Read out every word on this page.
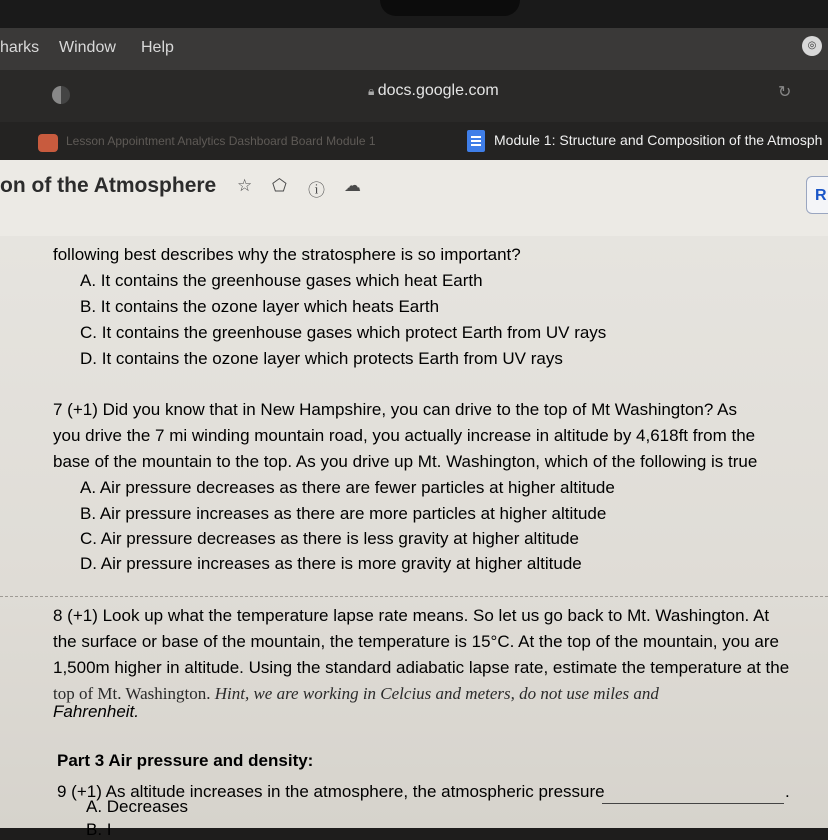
harks Window Help	◎
🔒︎ docs.google.com	↻
Lesson Appointment Analytics Dashboard Board Module 1	Module 1: Structure and Composition of the Atmosph
on of the Atmosphere ☆ ⬠ ⓘ ☁
R
following best describes why the stratosphere is so important?
A. It contains the greenhouse gases which heat Earth
B. It contains the ozone layer which heats Earth
C. It contains the greenhouse gases which protect Earth from UV rays
D. It contains the ozone layer which protects Earth from UV rays
7 (+1) Did you know that in New Hampshire, you can drive to the top of Mt Washington? As
you drive the 7 mi winding mountain road, you actually increase in altitude by 4,618ft from the
base of the mountain to the top. As you drive up Mt. Washington, which of the following is true
A. Air pressure decreases as there are fewer particles at higher altitude
B. Air pressure increases as there are more particles at higher altitude
C. Air pressure decreases as there is less gravity at higher altitude
D. Air pressure increases as there is more gravity at higher altitude
8 (+1) Look up what the temperature lapse rate means. So let us go back to Mt. Washington. At
the surface or base of the mountain, the temperature is 15°C. At the top of the mountain, you are
1,500m higher in altitude. Using the standard adiabatic lapse rate, estimate the temperature at the
top of Mt. Washington. Hint, we are working in Celcius and meters, do not use miles and
Fahrenheit.
Part 3 Air pressure and density:
9 (+1) As altitude increases in the atmosphere, the atmospheric pressure	.
A. Decreases
B. I
